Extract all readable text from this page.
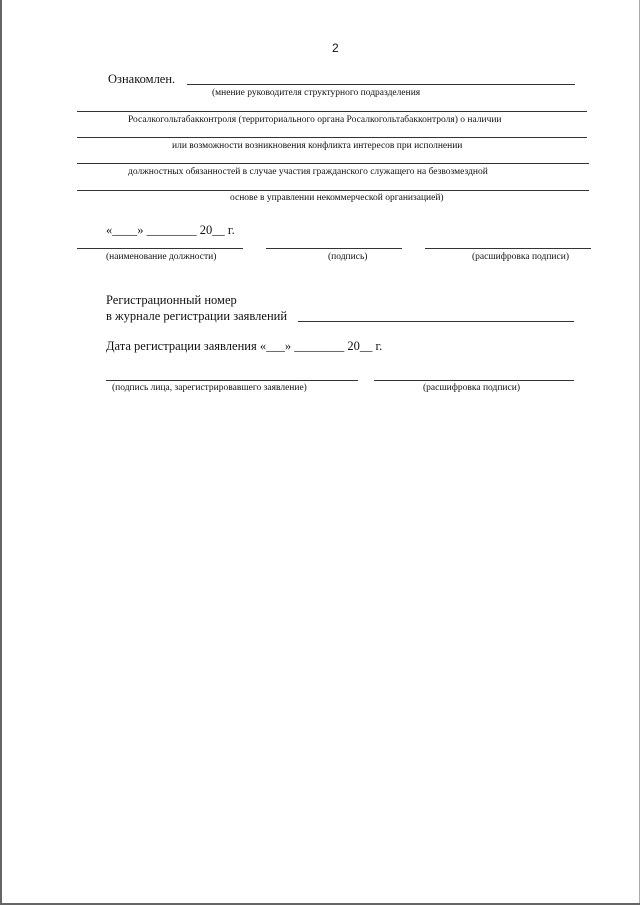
2
Ознакомлен.
(мнение руководителя структурного подразделения
Росалкогольтабакконтроля (территориального органа Росалкогольтабакконтроля) о наличии
или возможности возникновения конфликта интересов при исполнении
должностных обязанностей в случае участия гражданского служащего на безвозмездной
основе в управлении некоммерческой организацией)
«____» ________ 20__ г.
(наименование должности)	(подпись)	(расшифровка подписи)
Регистрационный номер
в журнале регистрации заявлений
Дата регистрации заявления «___» ________ 20__ г.
(подпись лица, зарегистрировавшего заявление)	(расшифровка подписи)
